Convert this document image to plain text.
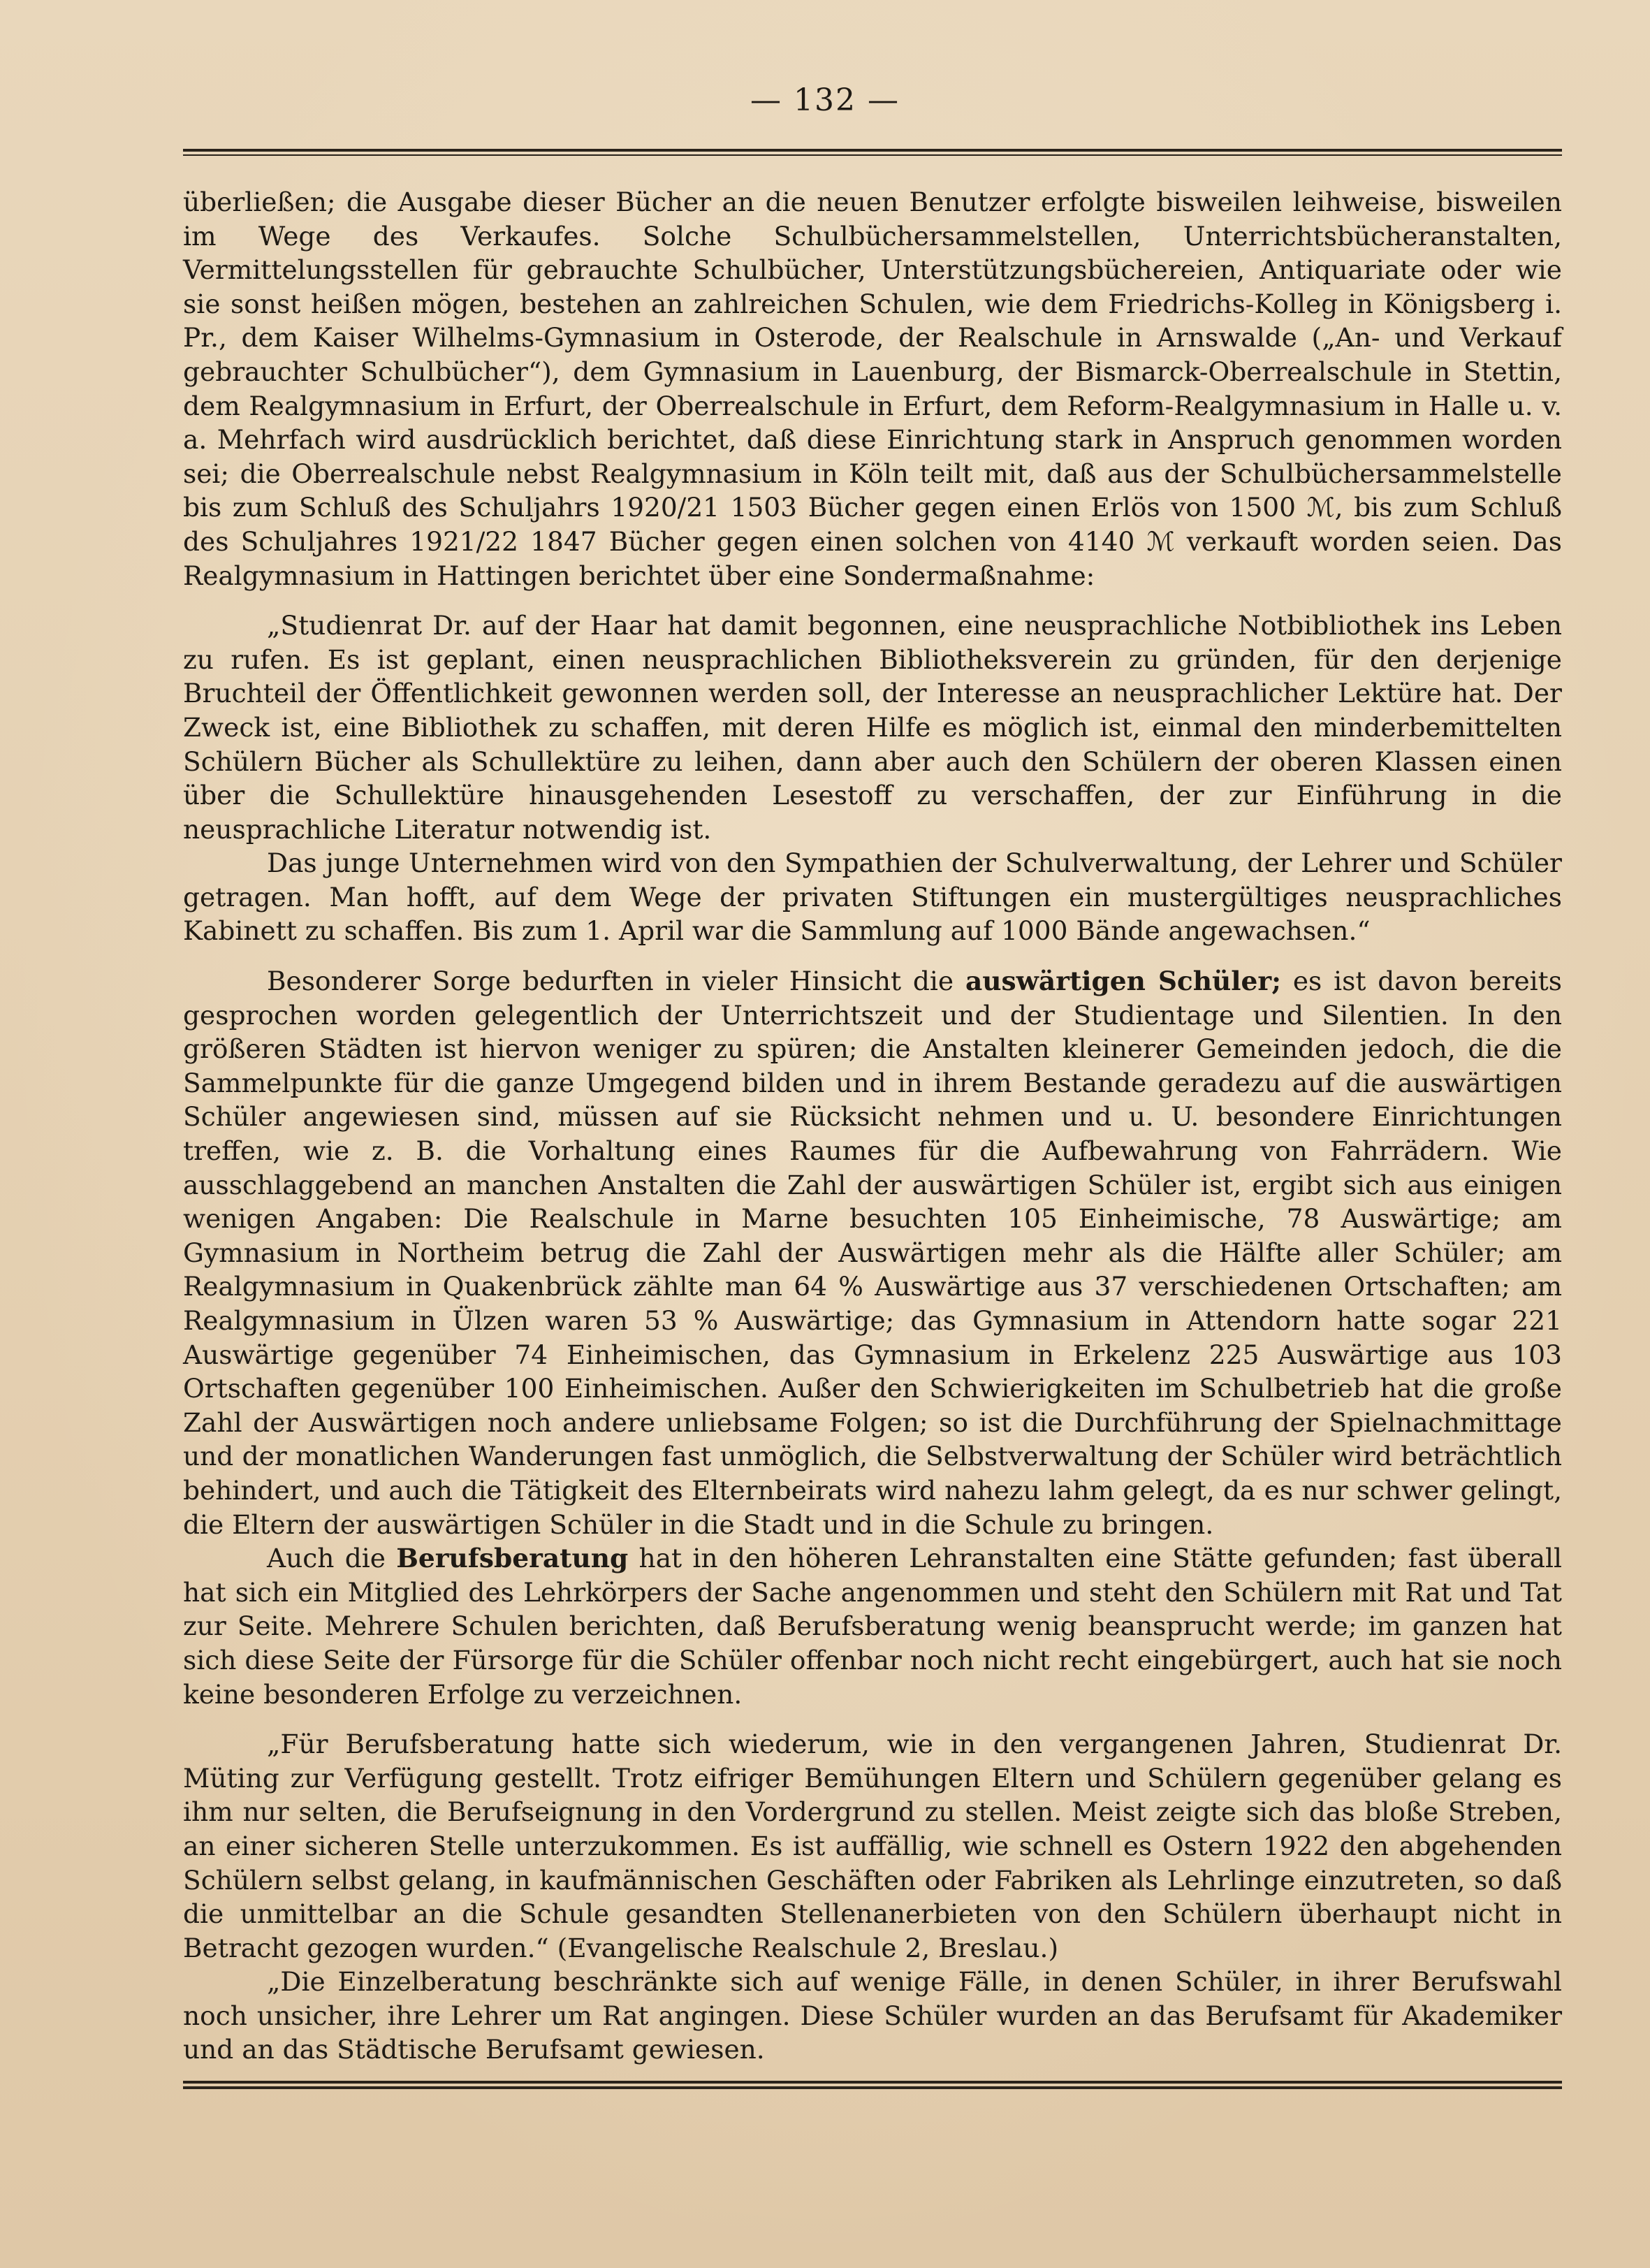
— 132 —

überließen; die Ausgabe dieser Bücher an die neuen Benutzer erfolgte bisweilen leihweise, bisweilen im Wege des Verkaufes. Solche Schulbüchersammelstellen, Unterrichtsbücheranstalten, Vermittelungsstellen für gebrauchte Schulbücher, Unterstützungsbüchereien, Antiquariate oder wie sie sonst heißen mögen, bestehen an zahlreichen Schulen, wie dem Friedrichs-Kolleg in Königsberg i. Pr., dem Kaiser Wilhelms-Gymnasium in Osterode, der Realschule in Arnswalde („An- und Verkauf gebrauchter Schulbücher“), dem Gymnasium in Lauenburg, der Bismarck-Oberrealschule in Stettin, dem Realgymnasium in Erfurt, der Oberrealschule in Erfurt, dem Reform-Realgymnasium in Halle u. v. a. Mehrfach wird ausdrücklich berichtet, daß diese Einrichtung stark in Anspruch genommen worden sei; die Oberrealschule nebst Realgymnasium in Köln teilt mit, daß aus der Schulbüchersammelstelle bis zum Schluß des Schuljahrs 1920/21 1503 Bücher gegen einen Erlös von 1500 ℳ, bis zum Schluß des Schuljahres 1921/22 1847 Bücher gegen einen solchen von 4140 ℳ verkauft worden seien. Das Realgymnasium in Hattingen berichtet über eine Sondermaßnahme:

„Studienrat Dr. auf der Haar hat damit begonnen, eine neusprachliche Notbibliothek ins Leben zu rufen. Es ist geplant, einen neusprachlichen Bibliotheksverein zu gründen, für den derjenige Bruchteil der Öffentlichkeit gewonnen werden soll, der Interesse an neusprachlicher Lektüre hat. Der Zweck ist, eine Bibliothek zu schaffen, mit deren Hilfe es möglich ist, einmal den minderbemittelten Schülern Bücher als Schullektüre zu leihen, dann aber auch den Schülern der oberen Klassen einen über die Schullektüre hinausgehenden Lesestoff zu verschaffen, der zur Einführung in die neusprachliche Literatur notwendig ist.

Das junge Unternehmen wird von den Sympathien der Schulverwaltung, der Lehrer und Schüler getragen. Man hofft, auf dem Wege der privaten Stiftungen ein mustergültiges neusprachliches Kabinett zu schaffen. Bis zum 1. April war die Sammlung auf 1000 Bände angewachsen.“

Besonderer Sorge bedurften in vieler Hinsicht die auswärtigen Schüler; es ist davon bereits gesprochen worden gelegentlich der Unterrichtszeit und der Studientage und Silentien. In den größeren Städten ist hiervon weniger zu spüren; die Anstalten kleinerer Gemeinden jedoch, die die Sammelpunkte für die ganze Umgegend bilden und in ihrem Bestande geradezu auf die auswärtigen Schüler angewiesen sind, müssen auf sie Rücksicht nehmen und u. U. besondere Einrichtungen treffen, wie z. B. die Vorhaltung eines Raumes für die Aufbewahrung von Fahrrädern. Wie ausschlaggebend an manchen Anstalten die Zahl der auswärtigen Schüler ist, ergibt sich aus einigen wenigen Angaben: Die Realschule in Marne besuchten 105 Einheimische, 78 Auswärtige; am Gymnasium in Northeim betrug die Zahl der Auswärtigen mehr als die Hälfte aller Schüler; am Realgymnasium in Quakenbrück zählte man 64 % Auswärtige aus 37 verschiedenen Ortschaften; am Realgymnasium in Ülzen waren 53 % Auswärtige; das Gymnasium in Attendorn hatte sogar 221 Auswärtige gegenüber 74 Einheimischen, das Gymnasium in Erkelenz 225 Auswärtige aus 103 Ortschaften gegenüber 100 Einheimischen. Außer den Schwierigkeiten im Schulbetrieb hat die große Zahl der Auswärtigen noch andere unliebsame Folgen; so ist die Durchführung der Spielnachmittage und der monatlichen Wanderungen fast unmöglich, die Selbstverwaltung der Schüler wird beträchtlich behindert, und auch die Tätigkeit des Elternbeirats wird nahezu lahm gelegt, da es nur schwer gelingt, die Eltern der auswärtigen Schüler in die Stadt und in die Schule zu bringen.

Auch die Berufsberatung hat in den höheren Lehranstalten eine Stätte gefunden; fast überall hat sich ein Mitglied des Lehrkörpers der Sache angenommen und steht den Schülern mit Rat und Tat zur Seite. Mehrere Schulen berichten, daß Berufsberatung wenig beansprucht werde; im ganzen hat sich diese Seite der Fürsorge für die Schüler offenbar noch nicht recht eingebürgert, auch hat sie noch keine besonderen Erfolge zu verzeichnen.

„Für Berufsberatung hatte sich wiederum, wie in den vergangenen Jahren, Studienrat Dr. Müting zur Verfügung gestellt. Trotz eifriger Bemühungen Eltern und Schülern gegenüber gelang es ihm nur selten, die Berufseignung in den Vordergrund zu stellen. Meist zeigte sich das bloße Streben, an einer sicheren Stelle unterzukommen. Es ist auffällig, wie schnell es Ostern 1922 den abgehenden Schülern selbst gelang, in kaufmännischen Geschäften oder Fabriken als Lehrlinge einzutreten, so daß die unmittelbar an die Schule gesandten Stellenanerbieten von den Schülern überhaupt nicht in Betracht gezogen wurden.“ (Evangelische Realschule 2, Breslau.)

„Die Einzelberatung beschränkte sich auf wenige Fälle, in denen Schüler, in ihrer Berufswahl noch unsicher, ihre Lehrer um Rat angingen. Diese Schüler wurden an das Berufsamt für Akademiker und an das Städtische Berufsamt gewiesen.
